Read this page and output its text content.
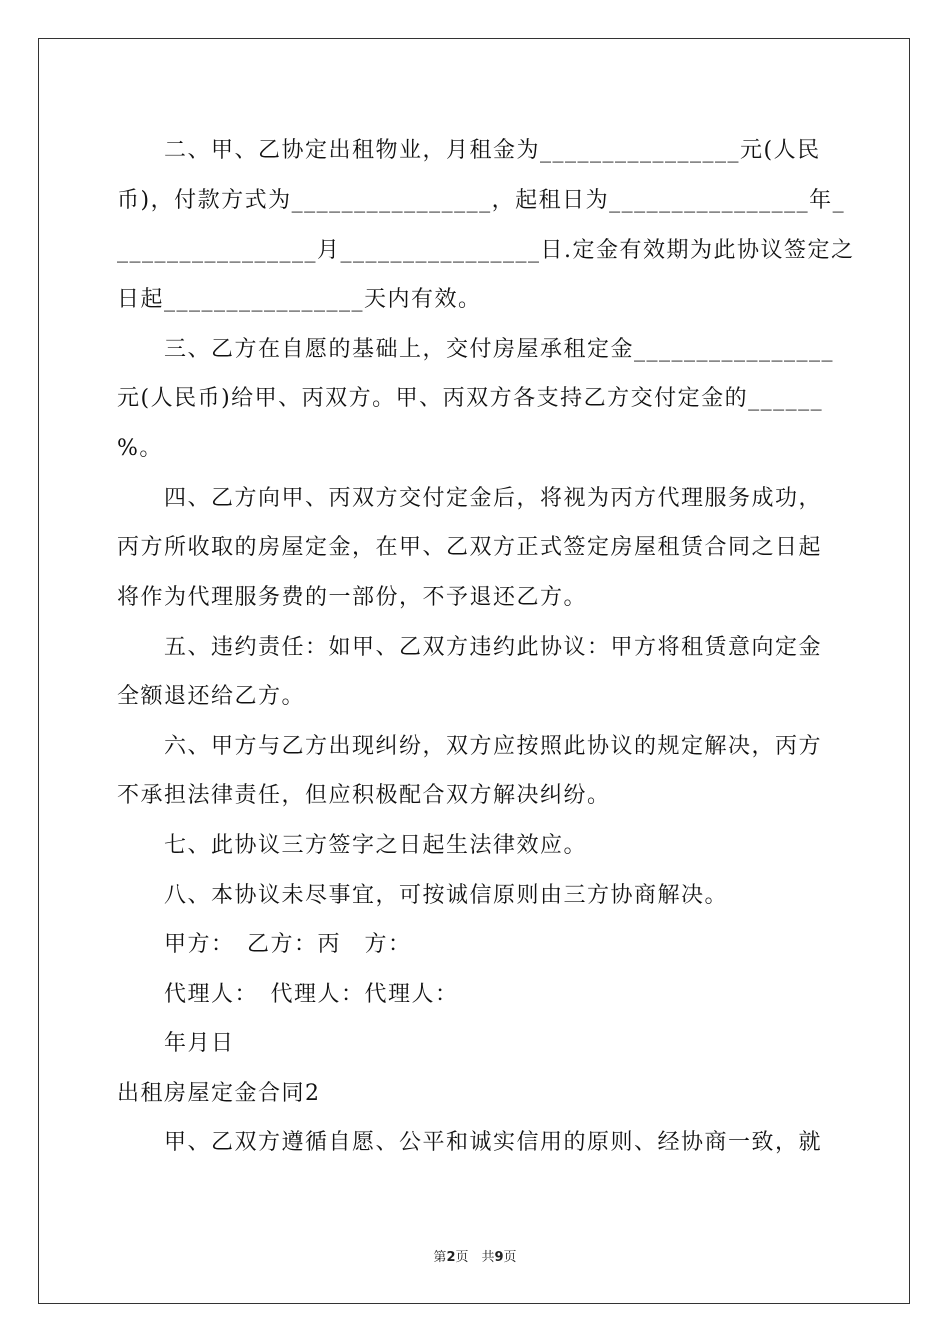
　　二、甲、乙协定出租物业，月租金为________________元(人民
币)，付款方式为________________，起租日为________________年_
________________月________________日.定金有效期为此协议签定之
日起________________天内有效。
　　三、乙方在自愿的基础上，交付房屋承租定金________________
元(人民币)给甲、丙双方。甲、丙双方各支持乙方交付定金的______
%。
　　四、乙方向甲、丙双方交付定金后，将视为丙方代理服务成功，
丙方所收取的房屋定金，在甲、乙双方正式签定房屋租赁合同之日起
将作为代理服务费的一部份，不予退还乙方。
　　五、违约责任：如甲、乙双方违约此协议：甲方将租赁意向定金
全额退还给乙方。
　　六、甲方与乙方出现纠纷，双方应按照此协议的规定解决，丙方
不承担法律责任，但应积极配合双方解决纠纷。
　　七、此协议三方签字之日起生法律效应。
　　八、本协议未尽事宜，可按诚信原则由三方协商解决。
　　甲方：　乙方：丙　方：
　　代理人：　代理人：代理人：
　　年月日
出租房屋定金合同2
　　甲、乙双方遵循自愿、公平和诚实信用的原则、经协商一致，就
第2页　共9页
